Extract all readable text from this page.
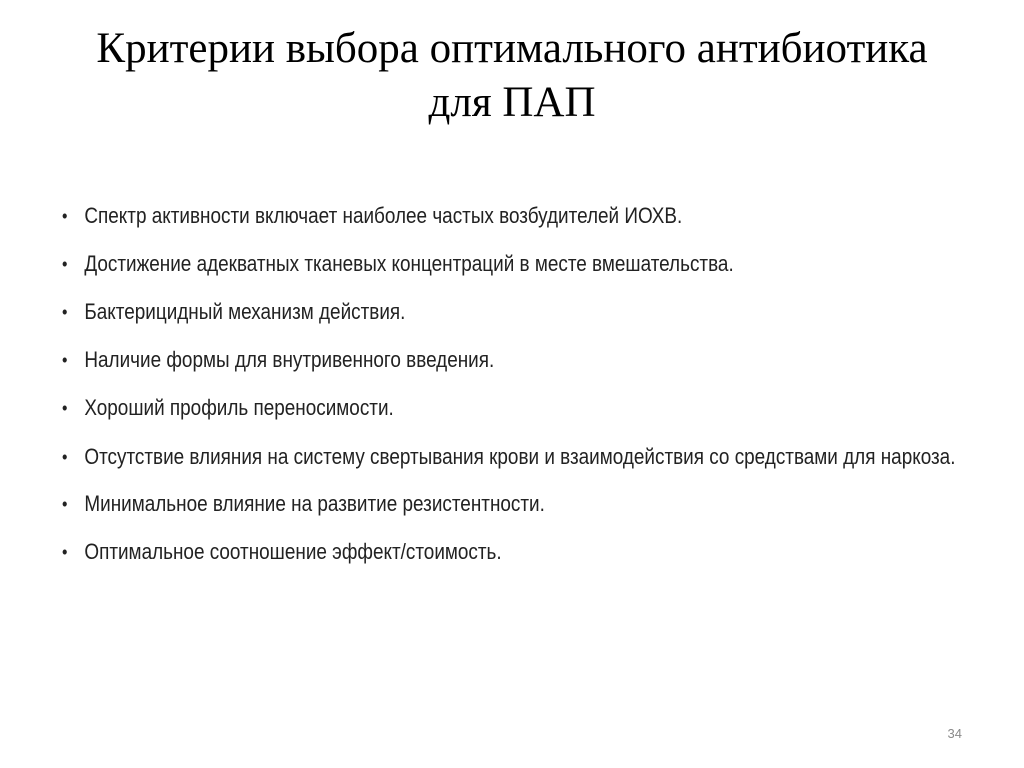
Критерии выбора оптимального антибиотика для ПАП
• Спектр активности включает наиболее частых возбудителей ИОХВ.
• Достижение адекватных тканевых концентраций в месте вмешательства.
• Бактерицидный механизм действия.
• Наличие формы для внутривенного введения.
• Хороший профиль переносимости.
• Отсутствие влияния на систему свертывания крови и взаимодействия со средствами для наркоза.
• Минимальное влияние на развитие резистентности.
• Оптимальное соотношение эффект/стоимость.
34
